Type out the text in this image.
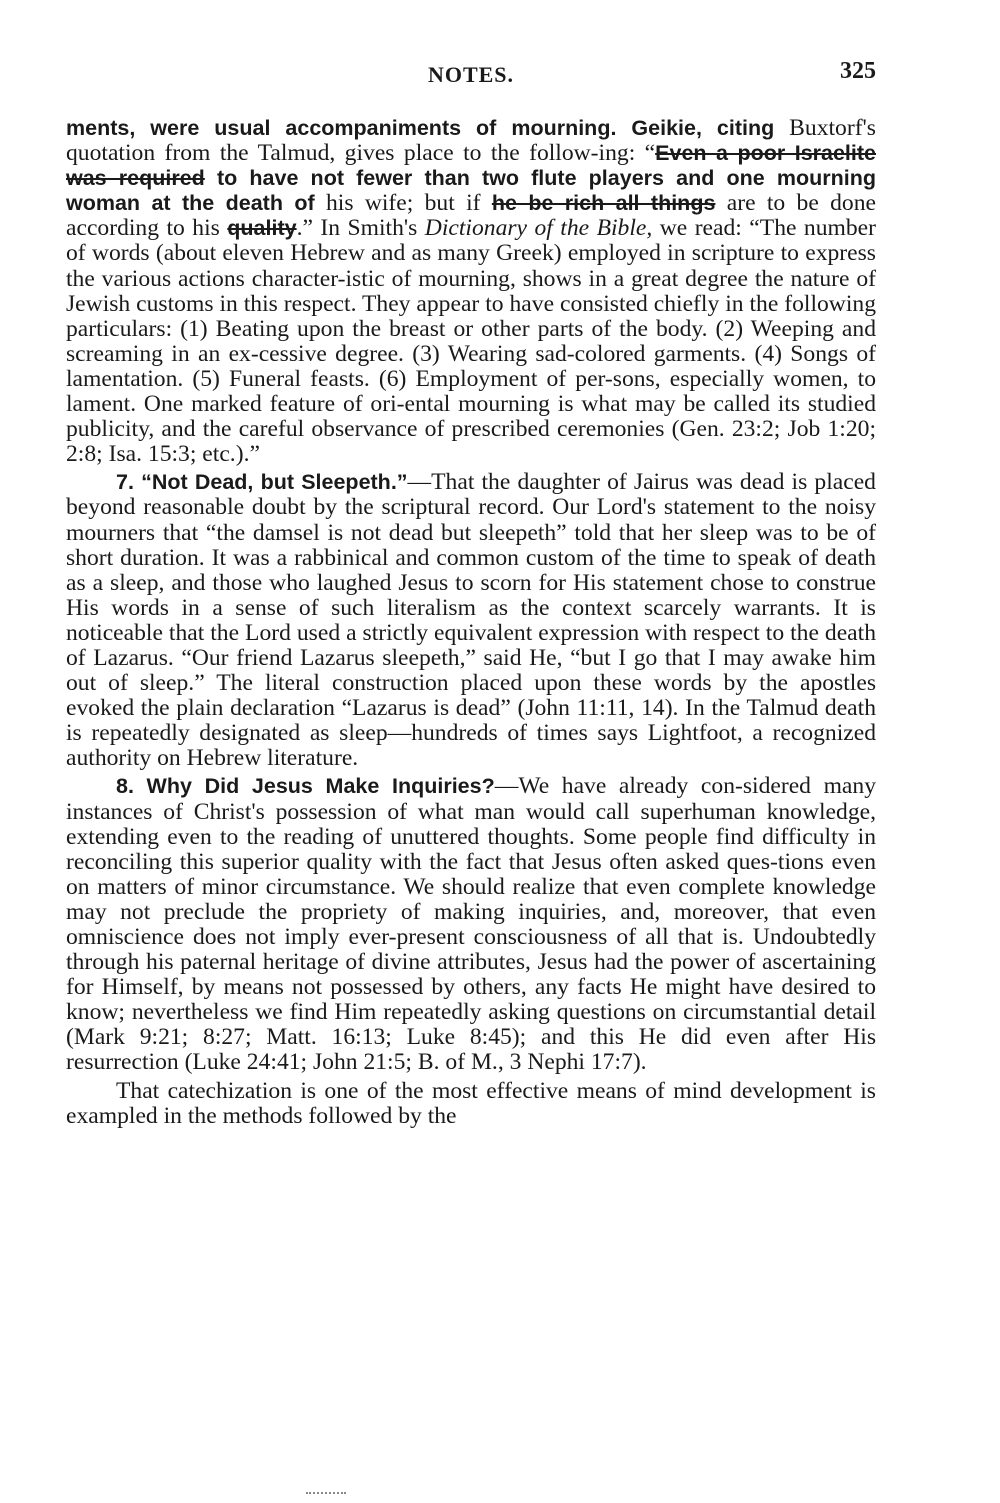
NOTES.	325

ments, were usual accompaniments of mourning. Geikie, citing Buxtorf's quotation from the Talmud, gives place to the follow-ing: “Even a poor Israelite was required to have not fewer than two flute players and one mourning woman at the death of his wife; but if he be rich all things are to be done according to his quality.” In Smith's Dictionary of the Bible, we read: “The number of words (about eleven Hebrew and as many Greek) employed in scripture to express the various actions character-istic of mourning, shows in a great degree the nature of Jewish customs in this respect. They appear to have consisted chiefly in the following particulars: (1) Beating upon the breast or other parts of the body. (2) Weeping and screaming in an ex-cessive degree. (3) Wearing sad-colored garments. (4) Songs of lamentation. (5) Funeral feasts. (6) Employment of per-sons, especially women, to lament. One marked feature of ori-ental mourning is what may be called its studied publicity, and the careful observance of prescribed ceremonies (Gen. 23:2; Job 1:20; 2:8; Isa. 15:3; etc.).”

7. “Not Dead, but Sleepeth.”—That the daughter of Jairus was dead is placed beyond reasonable doubt by the scriptural record. Our Lord's statement to the noisy mourners that “the damsel is not dead but sleepeth” told that her sleep was to be of short duration. It was a rabbinical and common custom of the time to speak of death as a sleep, and those who laughed Jesus to scorn for His statement chose to construe His words in a sense of such literalism as the context scarcely warrants. It is noticeable that the Lord used a strictly equivalent expression with respect to the death of Lazarus. “Our friend Lazarus sleepeth,” said He, “but I go that I may awake him out of sleep.” The literal construction placed upon these words by the apostles evoked the plain declaration “Lazarus is dead” (John 11:11, 14). In the Talmud death is repeatedly designated as sleep—hundreds of times says Lightfoot, a recognized authority on Hebrew literature.

8. Why Did Jesus Make Inquiries?—We have already con-sidered many instances of Christ's possession of what man would call superhuman knowledge, extending even to the reading of unuttered thoughts. Some people find difficulty in reconciling this superior quality with the fact that Jesus often asked ques-tions even on matters of minor circumstance. We should realize that even complete knowledge may not preclude the propriety of making inquiries, and, moreover, that even omniscience does not imply ever-present consciousness of all that is. Undoubtedly through his paternal heritage of divine attributes, Jesus had the power of ascertaining for Himself, by means not possessed by others, any facts He might have desired to know; nevertheless we find Him repeatedly asking questions on circumstantial detail (Mark 9:21; 8:27; Matt. 16:13; Luke 8:45); and this He did even after His resurrection (Luke 24:41; John 21:5; B. of M., 3 Nephi 17:7).

That catechization is one of the most effective means of mind development is exampled in the methods followed by the
